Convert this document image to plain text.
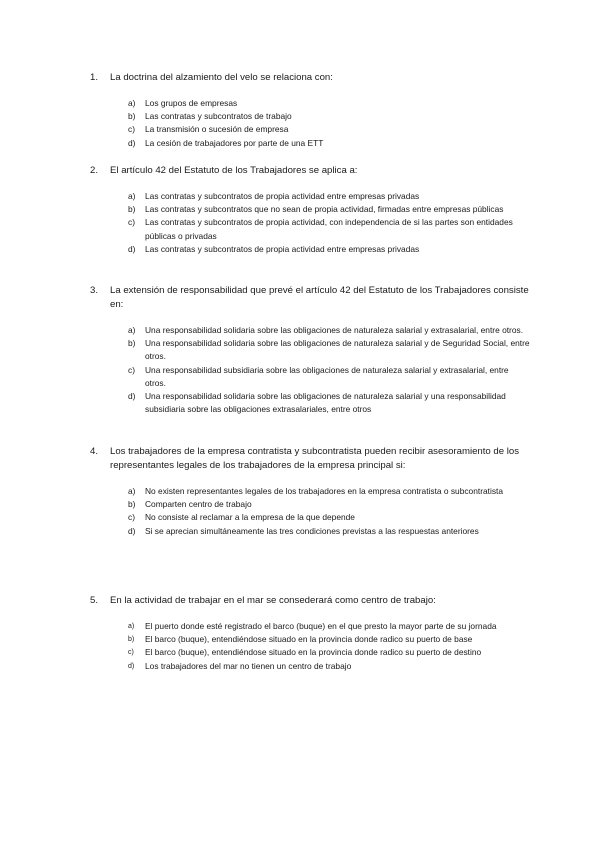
1.	La doctrina del alzamiento del velo se relaciona con:
a)	Los grupos de empresas
b)	Las contratas y subcontratos de trabajo
c)	La transmisión o sucesión de empresa
d)	La cesión de trabajadores por parte de una ETT
2.	El artículo 42 del Estatuto de los Trabajadores se aplica a:
a)	Las contratas y subcontratos de propia actividad entre empresas privadas
b)	Las contratas y subcontratos que no sean de propia actividad, firmadas entre empresas públicas
c)	Las contratas y subcontratos de propia actividad, con independencia de si las partes son entidades públicas o privadas
d)	Las contratas y subcontratos de propia actividad entre empresas privadas
3.	La extensión de responsabilidad que prevé el artículo 42 del Estatuto de los Trabajadores consiste en:
a)	Una responsabilidad solidaria sobre las obligaciones de naturaleza salarial y extrasalarial, entre otros.
b)	Una responsabilidad solidaria sobre las obligaciones de naturaleza salarial y de Seguridad Social, entre otros.
c)	Una responsabilidad subsidiaria sobre las obligaciones de naturaleza salarial y extrasalarial, entre otros.
d)	Una responsabilidad solidaria sobre las obligaciones de naturaleza salarial y una responsabilidad subsidiaria sobre las obligaciones extrasalariales, entre otros
4.	Los trabajadores de la empresa contratista y subcontratista pueden recibir asesoramiento de los representantes legales de los trabajadores de la empresa principal si:
a)	No existen representantes legales de los trabajadores en la empresa contratista o subcontratista
b)	Comparten centro de trabajo
c)	No consiste al reclamar a la empresa de la que depende
d)	Si se aprecian simultáneamente las tres condiciones previstas a las respuestas anteriores
5.	En la actividad de trabajar en el mar se consederará como centro de trabajo:
a)	El puerto donde esté registrado el barco (buque) en el que presto la mayor parte de su jornada
b)	El barco (buque), entendiéndose situado en la provincia donde radico su puerto de base
c)	El barco (buque), entendiéndose situado en la provincia donde radico su puerto de destino
d)	Los trabajadores del mar no tienen un centro de trabajo
